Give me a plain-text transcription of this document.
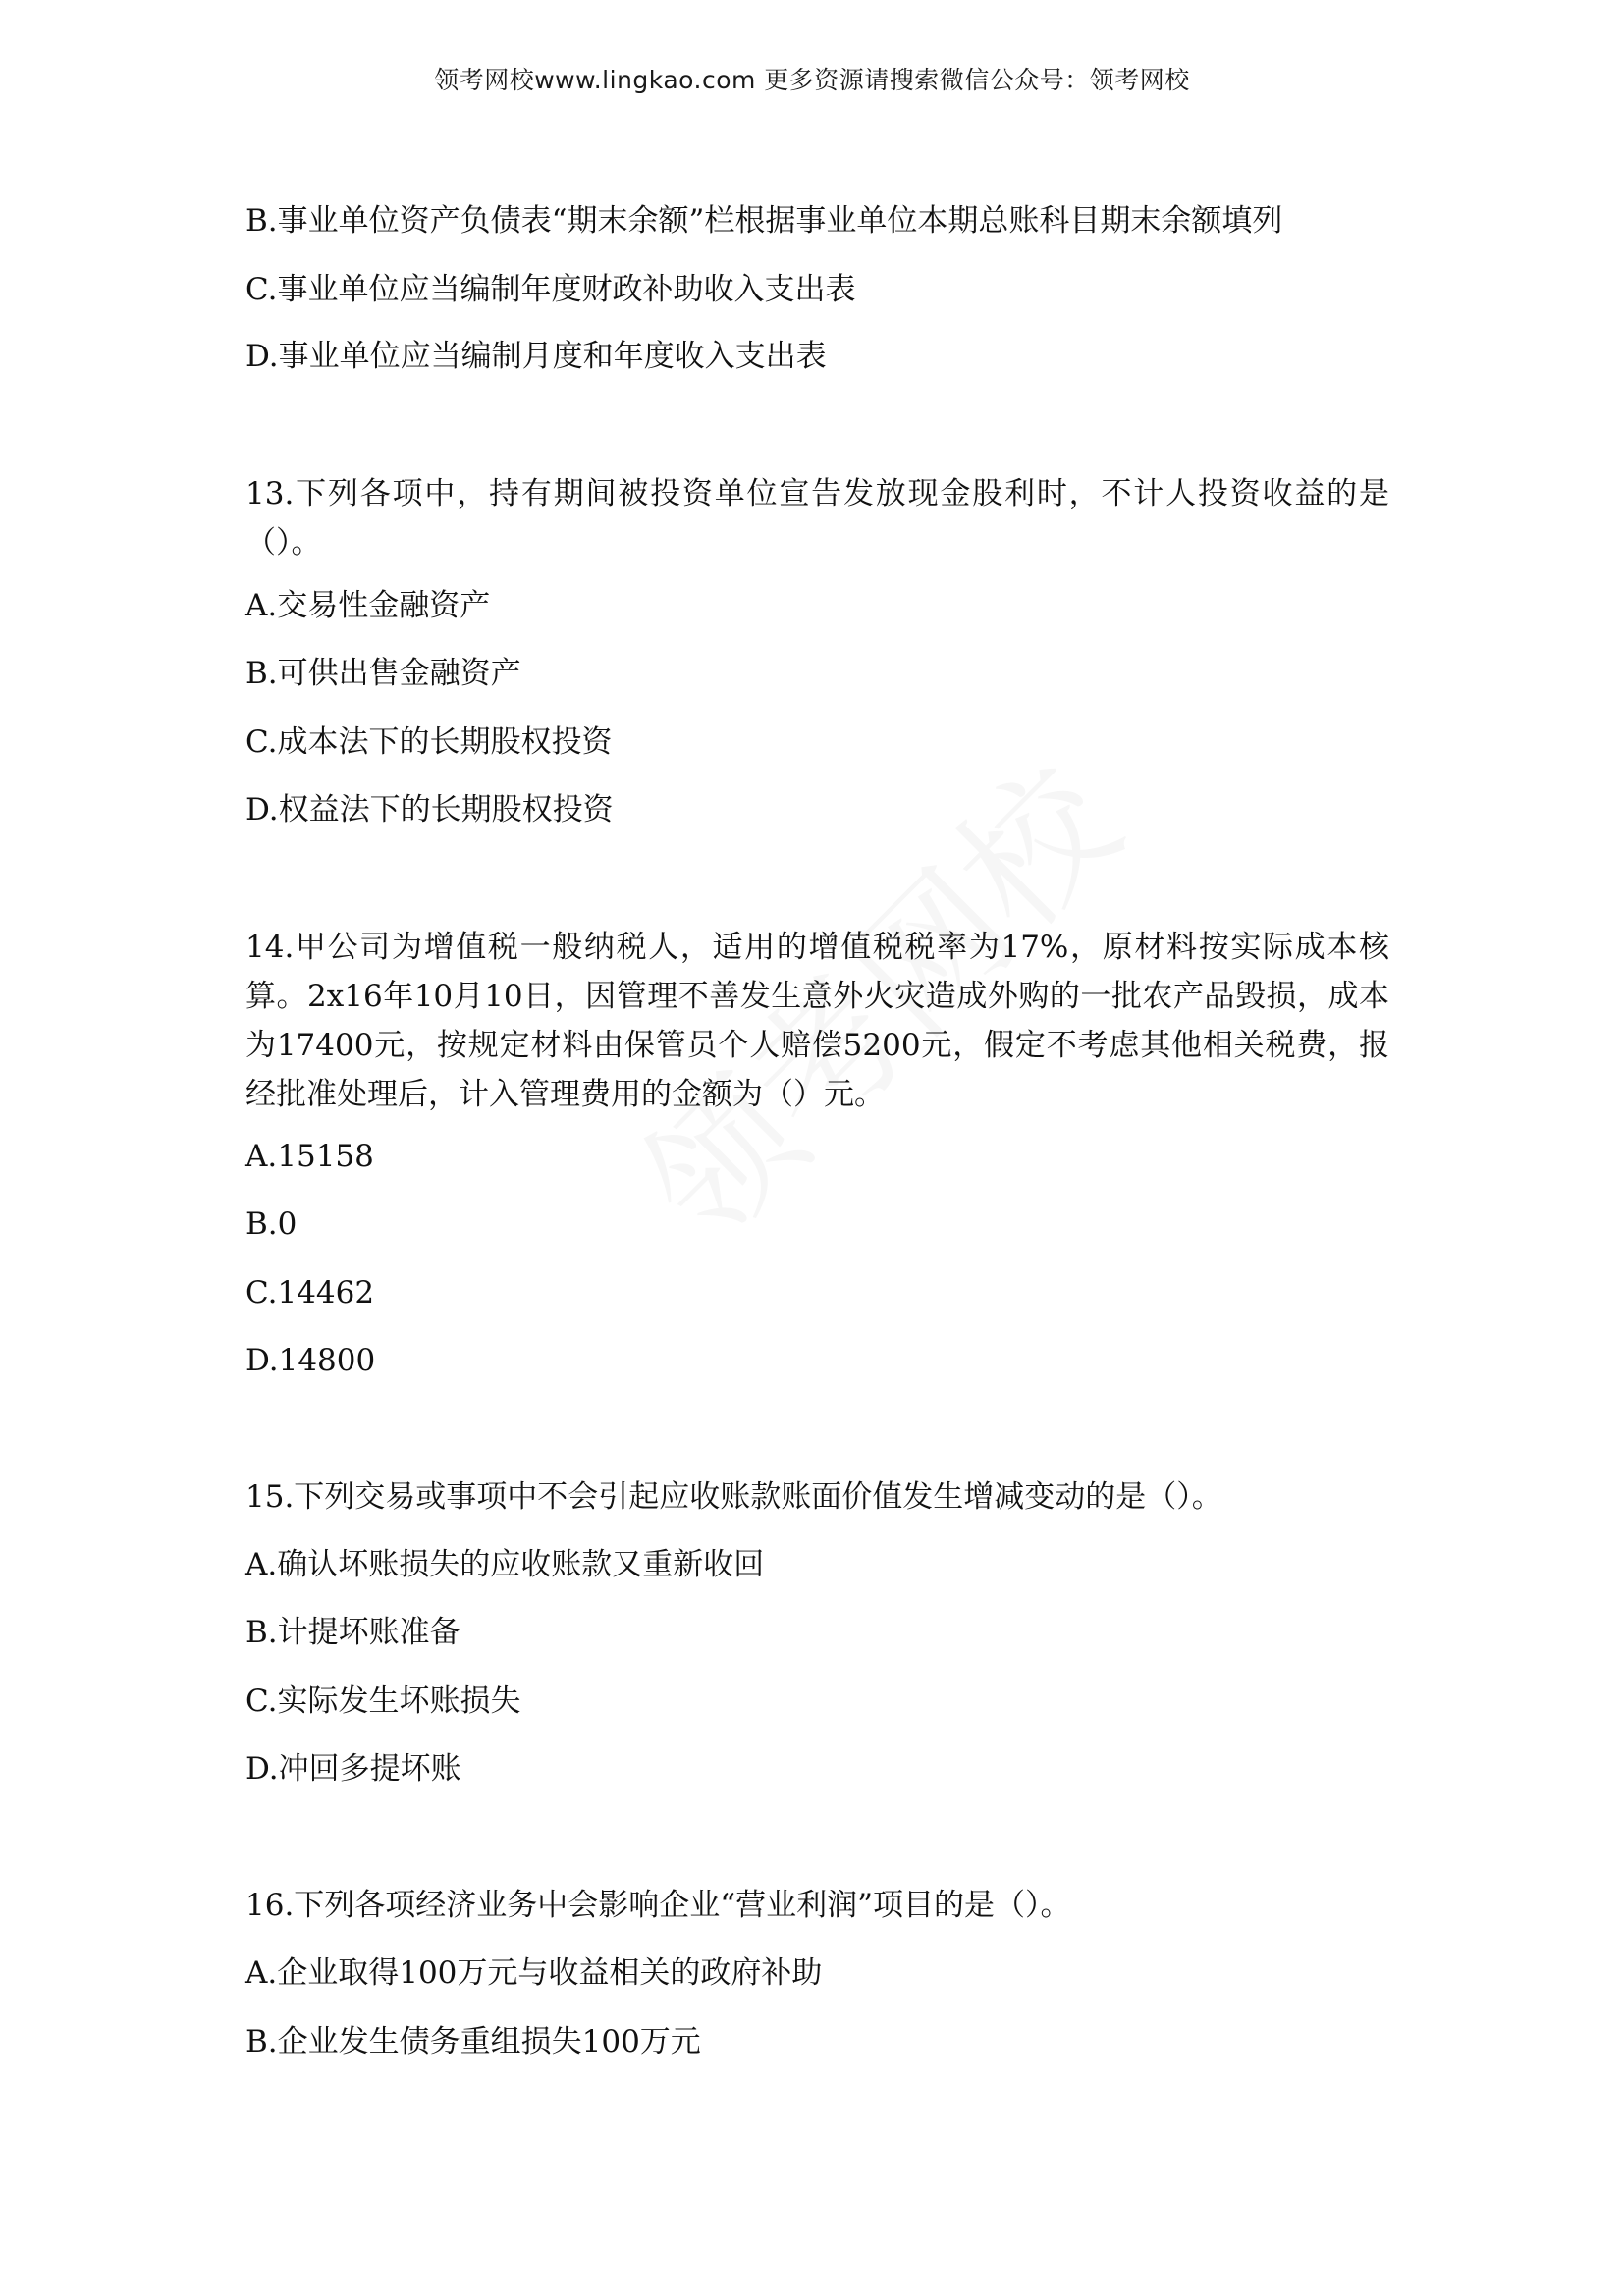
领考网校www.lingkao.com 更多资源请搜索微信公众号：领考网校
B.事业单位资产负债表“期末余额”栏根据事业单位本期总账科目期末余额填列
C.事业单位应当编制年度财政补助收入支出表
D.事业单位应当编制月度和年度收入支出表
13.下列各项中，持有期间被投资单位宣告发放现金股利时，不计人投资收益的是（）。
A.交易性金融资产
B.可供出售金融资产
C.成本法下的长期股权投资
D.权益法下的长期股权投资
14.甲公司为增值税一般纳税人，适用的增值税税率为17%，原材料按实际成本核算。2x16年10月10日，因管理不善发生意外火灾造成外购的一批农产品毁损，成本为17400元，按规定材料由保管员个人赔偿5200元，假定不考虑其他相关税费，报经批准处理后，计入管理费用的金额为（）元。
A.15158
B.0
C.14462
D.14800
15.下列交易或事项中不会引起应收账款账面价值发生增减变动的是（）。
A.确认坏账损失的应收账款又重新收回
B.计提坏账准备
C.实际发生坏账损失
D.冲回多提坏账
16.下列各项经济业务中会影响企业“营业利润”项目的是（）。
A.企业取得100万元与收益相关的政府补助
B.企业发生债务重组损失100万元
